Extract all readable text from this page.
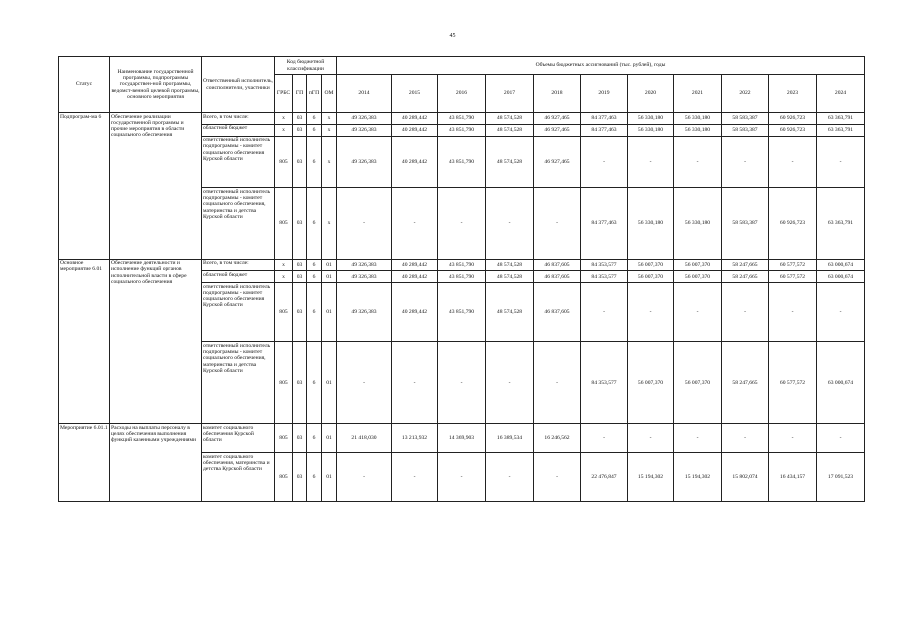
45
Статус	Наименование государственной программы, подпрограммы государствен-ной программы, ведомст-венной целевой программы, основного мероприятия	Ответственный исполнитель, соисполнители, участники	Код бюджетной классификации				Объемы бюджетных ассигнований (тыс. рублей), годы										
			ГРБС	ГП	пГП	ОМ	2014	2015	2016	2017	2018	2019	2020	2021	2022	2023	2024
Подпрограм-ма 6	Обеспечение реализации государственной программы и прочие мероприятия в области социального обеспечения	Всего, в том числе:	х	03	6	х	49 326,383	40 289,442	43 851,790	48 574,528	46 927,465	84 377,463	56 330,180	56 330,180	58 583,387	60 926,723	63 363,791
		областной бюджет	х	03	6	х	49 326,383	40 289,442	43 851,790	48 574,528	46 927,465	84 377,463	56 330,180	56 330,180	58 583,387	60 926,723	63 363,791
		ответственный исполнитель подпрограммы - комитет социального обеспечения Курской области	805	03	6	х	49 326,383	40 289,442	43 851,790	48 574,528	46 927,465	-	-	-	-	-	-
		ответственный исполнитель подпрограммы - комитет социального обеспечения, материнства и детства Курской области	805	03	6	х	-	-	-	-	-	84 377,463	56 330,180	56 330,180	58 583,387	60 926,723	63 363,791
Основное мероприятие 6.01	Обеспечение деятельности и исполнение функций органов исполнительной власти в сфере социального обеспечения	Всего, в том числе:	х	03	6	01	49 326,383	40 289,442	43 851,790	48 574,528	46 837,605	84 353,577	56 007,370	56 007,370	58 247,665	60 577,572	63 000,674
		областной бюджет	х	03	6	01	49 326,383	40 289,442	43 851,790	48 574,528	46 837,605	84 353,577	56 007,370	56 007,370	58 247,665	60 577,572	63 000,674
		ответственный исполнитель подпрограммы - комитет социального обеспечения Курской области	805	03	6	01	49 326,383	40 289,442	43 851,790	48 574,528	46 837,605	-	-	-	-	-	-
		ответственный исполнитель подпрограммы - комитет социального обеспечения, материнства и детства Курской области	805	03	6	01	-	-	-	-	-	84 353,577	56 007,370	56 007,370	58 247,665	60 577,572	63 000,674
Мероприятие 6.01.1	Расходы на выплаты персоналу в целях обеспечения выполнения функций казенными учреждениями	комитет социального обеспечения Курской области	805	03	6	01	21 418,030	13 213,932	14 369,903	16 389,534	16 246,562	-	-	-	-	-	-
		комитет социального обеспечения, материнства и детства Курской области	805	03	6	01	-	-	-	-	-	22 476,847	15 194,302	15 194,302	15 802,074	16 434,157	17 091,523
